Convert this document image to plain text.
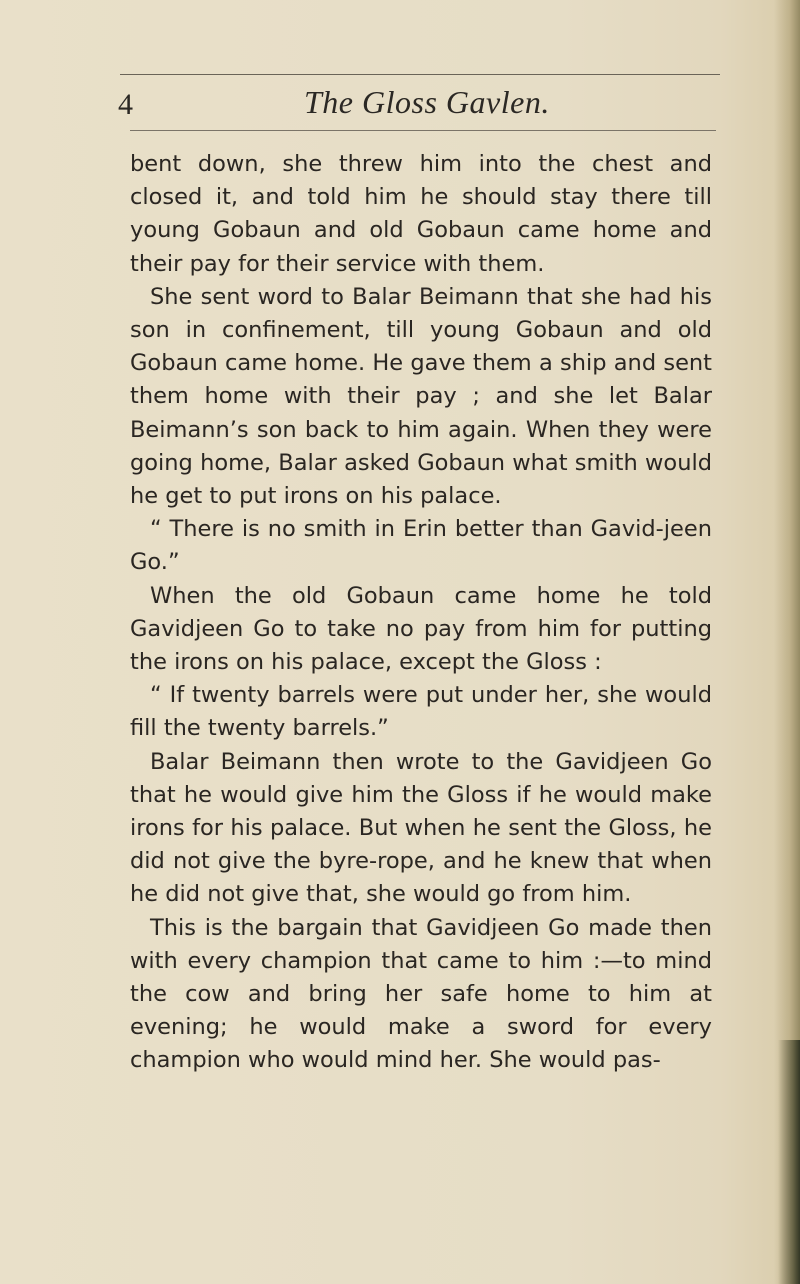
4	The Gloss Gavlen.

bent down, she threw him into the chest and closed it, and told him he should stay there till young Gobaun and old Gobaun came home and their pay for their service with them.

She sent word to Balar Beimann that she had his son in confinement, till young Gobaun and old Gobaun came home. He gave them a ship and sent them home with their pay ; and she let Balar Beimann’s son back to him again. When they were going home, Balar asked Gobaun what smith would he get to put irons on his palace.

“ There is no smith in Erin better than Gavid-jeen Go.”

When the old Gobaun came home he told Gavidjeen Go to take no pay from him for putting the irons on his palace, except the Gloss :

“ If twenty barrels were put under her, she would fill the twenty barrels.”

Balar Beimann then wrote to the Gavidjeen Go that he would give him the Gloss if he would make irons for his palace. But when he sent the Gloss, he did not give the byre-rope, and he knew that when he did not give that, she would go from him.

This is the bargain that Gavidjeen Go made then with every champion that came to him :—to mind the cow and bring her safe home to him at evening; he would make a sword for every champion who would mind her. She would pas-
